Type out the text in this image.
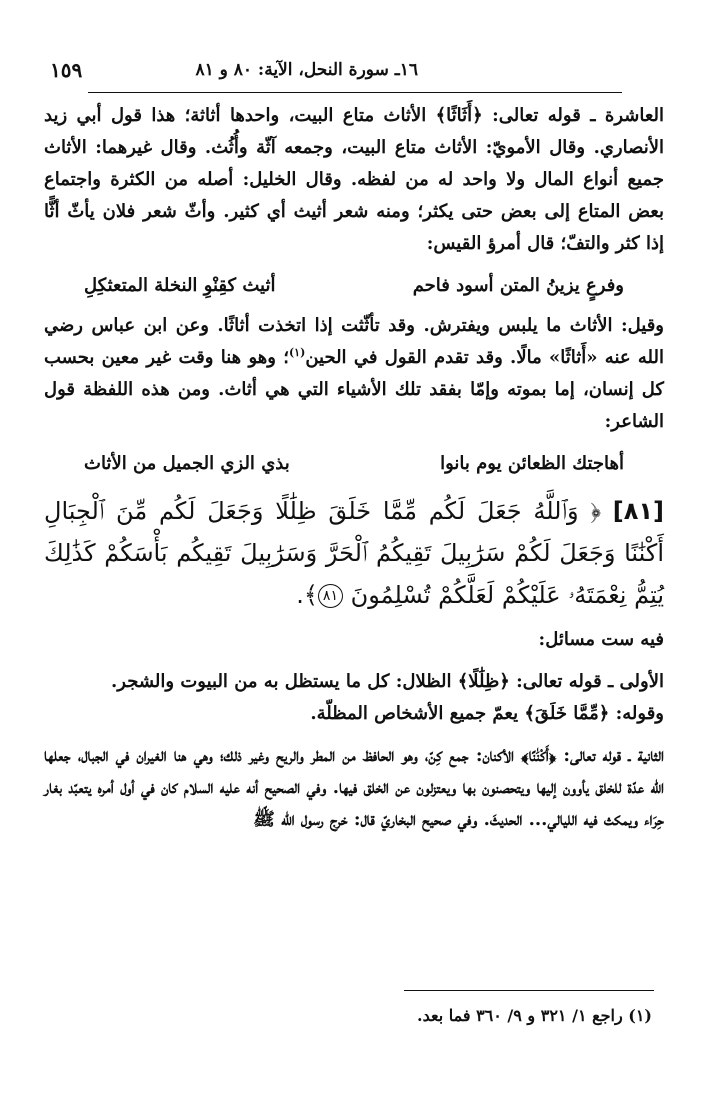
١٦ـ سورة النحل، الآية: ٨٠ و ٨١
١٥٩

العاشرة ـ قوله تعالى: ﴿أَثَاثًا﴾ الأثاث متاع البيت، واحدها أثاثة؛ هذا قول أبي زيد الأنصاري. وقال الأمويّ: الأثاث متاع البيت، وجمعه آثّة وأُثُث. وقال غيرهما: الأثاث جميع أنواع المال ولا واحد له من لفظه. وقال الخليل: أصله من الكثرة واجتماع بعض المتاع إلى بعض حتى يكثر؛ ومنه شعر أثيث أي كثير. وأثّ شعر فلان يأثّ أثًّا إذا كثر والتفّ؛ قال أمرؤ القيس:

وفرعٍ يزينُ المتن أسود فاحم
أثيث كقِنْوِ النخلة المتعثكِلِ

وقيل: الأثاث ما يلبس ويفترش. وقد تأثّثت إذا اتخذت أثاثًا. وعن ابن عباس رضي الله عنه «أَثاثًا» مالًا. وقد تقدم القول في الحين$^{(١)}$؛ وهو هنا وقت غير معين بحسب كل إنسان، إما بموته وإمّا بفقد تلك الأشياء التي هي أثاث. ومن هذه اللفظة قول الشاعر:

أهاجتك الظعائن يوم بانوا
بذي الزي الجميل من الأثاث

[٨١] ﴿ وَٱللَّهُ جَعَلَ لَكُم مِّمَّا خَلَقَ ظِلَٰلًا وَجَعَلَ لَكُم مِّنَ ٱلْجِبَالِ أَكْنَٰنًا وَجَعَلَ لَكُمْ سَرَٰبِيلَ تَقِيكُمُ ٱلْحَرَّ وَسَرَٰبِيلَ تَقِيكُم بَأْسَكُمْ كَذَٰلِكَ يُتِمُّ نِعْمَتَهُۥ عَلَيْكُمْ لَعَلَّكُمْ تُسْلِمُونَ ٨١﴾.

فيه ست مسائل:

الأولى ـ قوله تعالى: ﴿ظِلَٰلًا﴾ الظلال: كل ما يستظل به من البيوت والشجر.

وقوله: ﴿مِّمَّا خَلَقَ﴾ يعمّ جميع الأشخاص المظلّة.

الثانية ـ قوله تعالى: ﴿أَكْنَٰنًا﴾ الأكنان: جمع كِنّ، وهو الحافظ من المطر والريح وغير ذلك؛ وهي هنا الغيران في الجبال، جعلها الله عدّة للخلق يأوون إليها ويتحصنون بها ويعتزلون عن الخلق فيها. وفي الصحيح أنه عليه السلام كان في أول أمره يتعبّد بغار حِرَاء ويمكث فيه الليالي... الحديثَ. وفي صحيح البخاريّ قال: خرج رسول الله ﷺ

(١) راجع ١/ ٣٢١ و ٩/ ٣٦٠ فما بعد.
